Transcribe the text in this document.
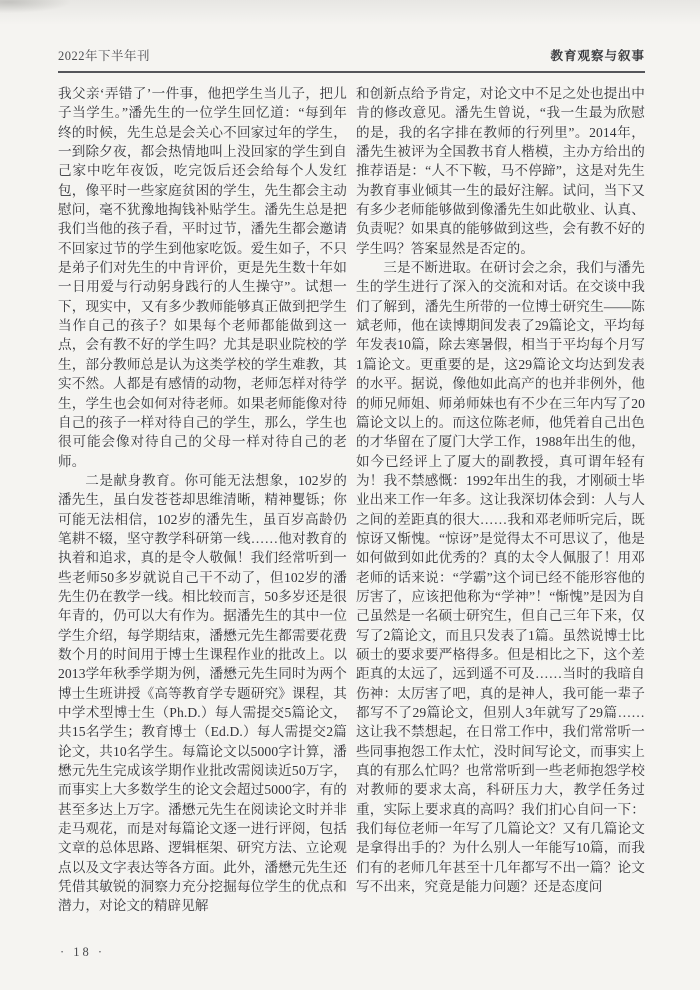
2022年下半年刊	教育观察与叙事

我父亲‘弄错了’一件事，他把学生当儿子，把儿子当学生。”潘先生的一位学生回忆道：“每到年终的时候，先生总是会关心不回家过年的学生，一到除夕夜，都会热情地叫上没回家的学生到自己家中吃年夜饭，吃完饭后还会给每个人发红包，像平时一些家庭贫困的学生，先生都会主动慰问，毫不犹豫地掏钱补贴学生。潘先生总是把我们当他的孩子看，平时过节，潘先生都会邀请不回家过节的学生到他家吃饭。爱生如子，不只是弟子们对先生的中肯评价，更是先生数十年如一日用爱与行动躬身践行的人生操守”。试想一下，现实中，又有多少教师能够真正做到把学生当作自己的孩子？如果每个老师都能做到这一点，会有教不好的学生吗？尤其是职业院校的学生，部分教师总是认为这类学校的学生难教，其实不然。人都是有感情的动物，老师怎样对待学生，学生也会如何对待老师。如果老师能像对待自己的孩子一样对待自己的学生，那么，学生也很可能会像对待自己的父母一样对待自己的老师。

二是献身教育。你可能无法想象，102岁的潘先生，虽白发苍苍却思维清晰，精神矍铄；你可能无法相信，102岁的潘先生，虽百岁高龄仍笔耕不辍，坚守教学科研第一线……他对教育的执着和追求，真的是令人敬佩！我们经常听到一些老师50多岁就说自己干不动了，但102岁的潘先生仍在教学一线。相比较而言，50多岁还是很年青的，仍可以大有作为。据潘先生的其中一位学生介绍，每学期结束，潘懋元先生都需要花费数个月的时间用于博士生课程作业的批改上。以2013学年秋季学期为例，潘懋元先生同时为两个博士生班讲授《高等教育学专题研究》课程，其中学术型博士生（Ph.D.）每人需提交5篇论文，共15名学生；教育博士（Ed.D.）每人需提交2篇论文，共10名学生。每篇论文以5000字计算，潘懋元先生完成该学期作业批改需阅读近50万字，而事实上大多数学生的论文会超过5000字，有的甚至多达上万字。潘懋元先生在阅读论文时并非走马观花，而是对每篇论文逐一进行评阅，包括文章的总体思路、逻辑框架、研究方法、立论观点以及文字表达等各方面。此外，潘懋元先生还凭借其敏锐的洞察力充分挖掘每位学生的优点和潜力，对论文的精辟见解

和创新点给予肯定，对论文中不足之处也提出中肯的修改意见。潘先生曾说，“我一生最为欣慰的是，我的名字排在教师的行列里”。2014年，潘先生被评为全国教书育人楷模，主办方给出的推荐语是：“人不下鞍，马不停蹄”，这是对先生为教育事业倾其一生的最好注解。试问，当下又有多少老师能够做到像潘先生如此敬业、认真、负责呢？如果真的能够做到这些，会有教不好的学生吗？答案显然是否定的。

三是不断进取。在研讨会之余，我们与潘先生的学生进行了深入的交流和对话。在交谈中我们了解到，潘先生所带的一位博士研究生——陈斌老师，他在读博期间发表了29篇论文，平均每年发表10篇，除去寒暑假，相当于平均每个月写1篇论文。更重要的是，这29篇论文均达到发表的水平。据说，像他如此高产的也并非例外，他的师兄师姐、师弟师妹也有不少在三年内写了20篇论文以上的。而这位陈老师，他凭着自己出色的才华留在了厦门大学工作，1988年出生的他，如今已经评上了厦大的副教授，真可谓年轻有为！我不禁感慨：1992年出生的我，才刚硕士毕业出来工作一年多。这让我深切体会到：人与人之间的差距真的很大……我和邓老师听完后，既惊讶又惭愧。“惊讶”是觉得太不可思议了，他是如何做到如此优秀的？真的太令人佩服了！用邓老师的话来说：“学霸”这个词已经不能形容他的厉害了，应该把他称为“学神”！“惭愧”是因为自己虽然是一名硕士研究生，但自己三年下来，仅写了2篇论文，而且只发表了1篇。虽然说博士比硕士的要求要严格得多。但是相比之下，这个差距真的太远了，远到遥不可及……当时的我暗自伤神：太厉害了吧，真的是神人，我可能一辈子都写不了29篇论文，但别人3年就写了29篇……这让我不禁想起，在日常工作中，我们常常听一些同事抱怨工作太忙，没时间写论文，而事实上真的有那么忙吗？也常常听到一些老师抱怨学校对教师的要求太高，科研压力大，教学任务过重，实际上要求真的高吗？我们扪心自问一下：我们每位老师一年写了几篇论文？又有几篇论文是拿得出手的？为什么别人一年能写10篇，而我们有的老师几年甚至十几年都写不出一篇？论文写不出来，究竟是能力问题？还是态度问

· 18 ·
